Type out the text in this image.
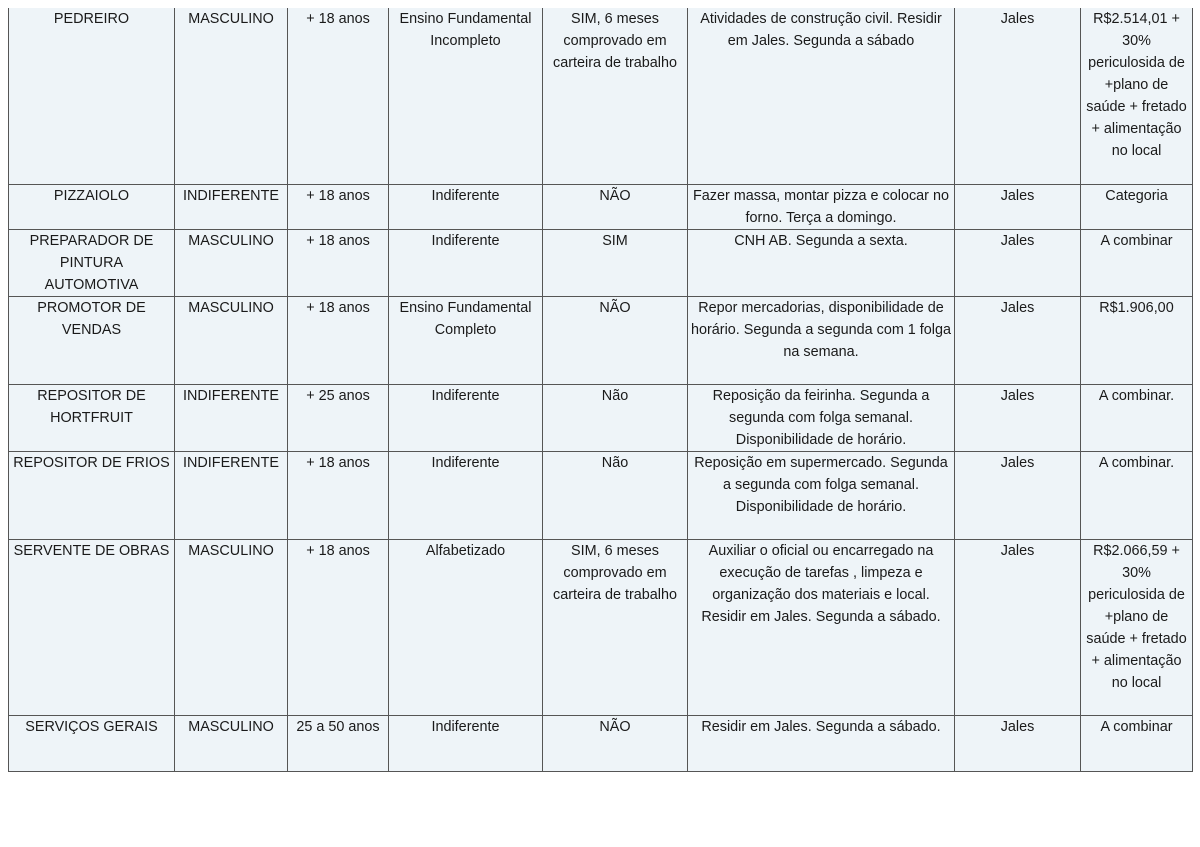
PEDREIRO	MASCULINO	+ 18 anos	Ensino Fundamental Incompleto	SIM, 6 meses comprovado em carteira de trabalho	Atividades de construção civil. Residir em Jales. Segunda a sábado	Jales	R$2.514,01 + 30% periculosida de +plano de saúde + fretado + alimentação no local
PIZZAIOLO	INDIFERENTE	+ 18 anos	Indiferente	NÃO	Fazer massa, montar pizza e colocar no forno. Terça a domingo.	Jales	Categoria
PREPARADOR DE PINTURA AUTOMOTIVA	MASCULINO	+ 18 anos	Indiferente	SIM	CNH AB. Segunda a sexta.	Jales	A combinar
PROMOTOR DE VENDAS	MASCULINO	+ 18 anos	Ensino Fundamental Completo	NÃO	Repor mercadorias, disponibilidade de horário. Segunda a segunda com 1 folga na semana.	Jales	R$1.906,00
REPOSITOR DE HORTFRUIT	INDIFERENTE	+ 25 anos	Indiferente	Não	Reposição da feirinha. Segunda a segunda com folga semanal. Disponibilidade de horário.	Jales	A combinar.
REPOSITOR DE FRIOS	INDIFERENTE	+ 18 anos	Indiferente	Não	Reposição em supermercado. Segunda a segunda com folga semanal. Disponibilidade de horário.	Jales	A combinar.
SERVENTE DE OBRAS	MASCULINO	+ 18 anos	Alfabetizado	SIM, 6 meses comprovado em carteira de trabalho	Auxiliar o oficial ou encarregado na execução de tarefas , limpeza e organização dos materiais e local. Residir em Jales. Segunda a sábado.	Jales	R$2.066,59 + 30% periculosida de +plano de saúde + fretado + alimentação no local
SERVIÇOS GERAIS	MASCULINO	25 a 50 anos	Indiferente	NÃO	Residir em Jales. Segunda a sábado.	Jales	A combinar
